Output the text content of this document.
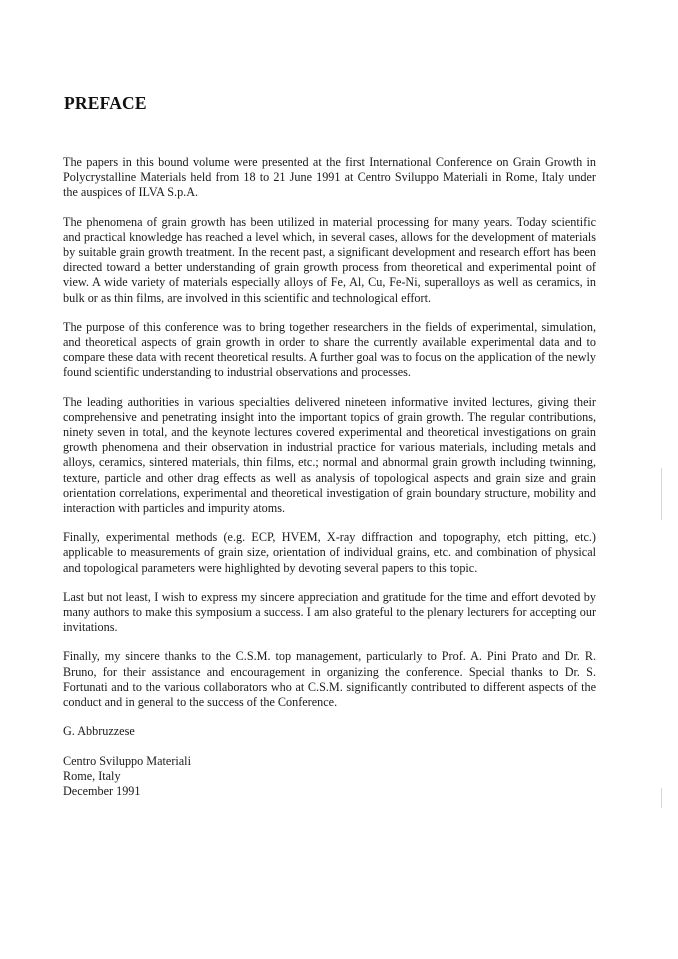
PREFACE

The papers in this bound volume were presented at the first International Conference on Grain Growth in Polycrystalline Materials held from 18 to 21 June 1991 at Centro Sviluppo Materiali in Rome, Italy under the auspices of ILVA S.p.A.

The phenomena of grain growth has been utilized in material processing for many years. Today scientific and practical knowledge has reached a level which, in several cases, allows for the development of materials by suitable grain growth treatment. In the recent past, a significant development and research effort has been directed toward a better understanding of grain growth process from theoretical and experimental point of view. A wide variety of materials especially alloys of Fe, Al, Cu, Fe-Ni, superalloys as well as ceramics, in bulk or as thin films, are involved in this scientific and technological effort.

The purpose of this conference was to bring together researchers in the fields of experimental, simulation, and theoretical aspects of grain growth in order to share the currently available experimental data and to compare these data with recent theoretical results. A further goal was to focus on the application of the newly found scientific understanding to industrial observations and processes.

The leading authorities in various specialties delivered nineteen informative invited lectures, giving their comprehensive and penetrating insight into the important topics of grain growth. The regular contributions, ninety seven in total, and the keynote lectures covered experimental and theoretical investigations on grain growth phenomena and their observation in industrial practice for various materials, including metals and alloys, ceramics, sintered materials, thin films, etc.; normal and abnormal grain growth including twinning, texture, particle and other drag effects as well as analysis of topological aspects and grain size and grain orientation correlations, experimental and theoretical investigation of grain boundary structure, mobility and interaction with particles and impurity atoms.

Finally, experimental methods (e.g. ECP, HVEM, X-ray diffraction and topography, etch pitting, etc.) applicable to measurements of grain size, orientation of individual grains, etc. and combination of physical and topological parameters were highlighted by devoting several papers to this topic.

Last but not least, I wish to express my sincere appreciation and gratitude for the time and effort devoted by many authors to make this symposium a success. I am also grateful to the plenary lecturers for accepting our invitations.

Finally, my sincere thanks to the C.S.M. top management, particularly to Prof. A. Pini Prato and Dr. R. Bruno, for their assistance and encouragement in organizing the conference. Special thanks to Dr. S. Fortunati and to the various collaborators who at C.S.M. significantly contributed to different aspects of the conduct and in general to the success of the Conference.

G. Abbruzzese
Centro Sviluppo Materiali
Rome, Italy
December 1991
